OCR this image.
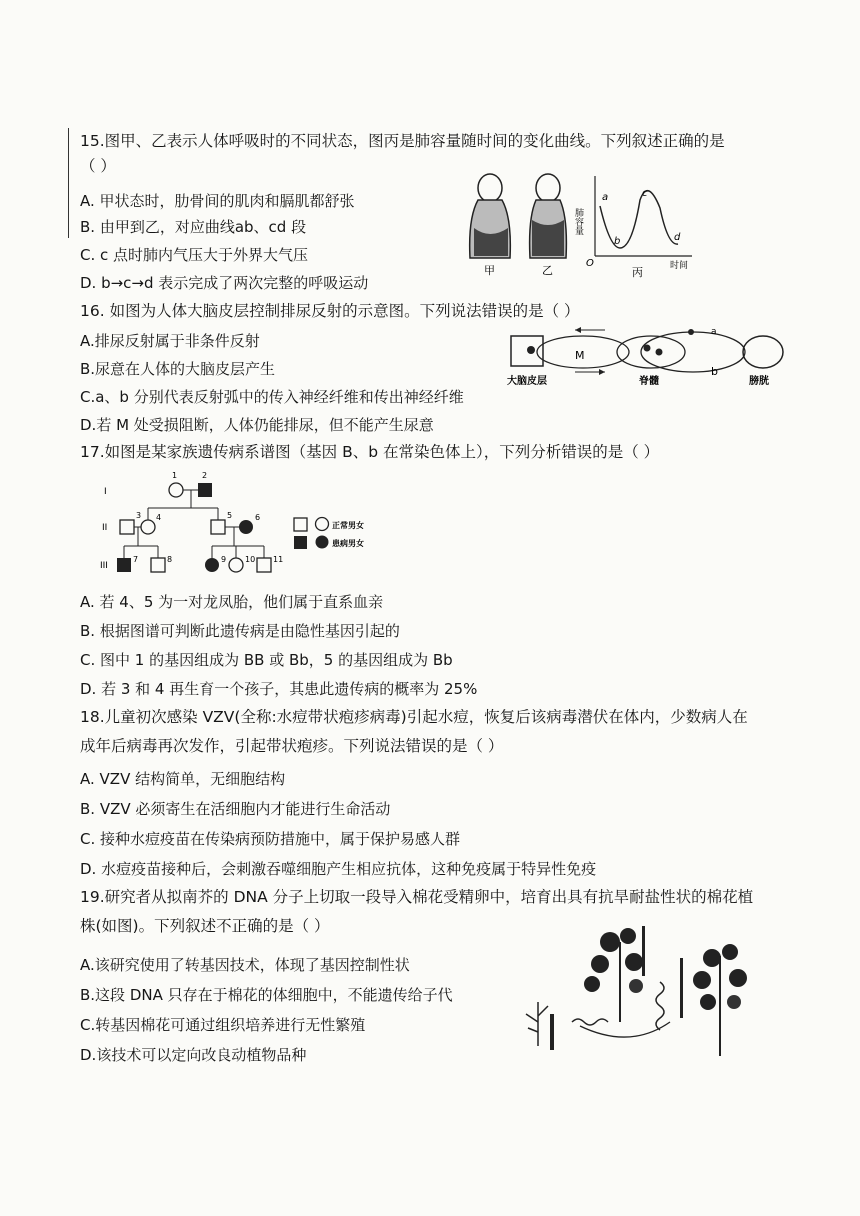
15.图甲、乙表示人体呼吸时的不同状态，图丙是肺容量随时间的变化曲线。下列叙述正确的是
（ ）
A. 甲状态时，肋骨间的肌肉和膈肌都舒张
B. 由甲到乙，对应曲线ab、cd 段
C. c 点时肺内气压大于外界大气压
D. b→c→d 表示完成了两次完整的呼吸运动
甲	乙
肺容量
时间
O
a
b
c
d
丙
16. 如图为人体大脑皮层控制排尿反射的示意图。下列说法错误的是（ ）
A.排尿反射属于非条件反射
B.尿意在人体的大脑皮层产生
C.a、b 分别代表反射弧中的传入神经纤维和传出神经纤维
D.若 M 处受损阻断，人体仍能排尿，但不能产生尿意
M
a
b
大脑皮层	脊髓	膀胱
17.如图是某家族遗传病系谱图（基因 B、b 在常染色体上），下列分析错误的是（ ）
I
II
III
1	2
3 4	5	6
7	8	9 10 11
正常男女
患病男女
A. 若 4、5 为一对龙凤胎，他们属于直系血亲
B. 根据图谱可判断此遗传病是由隐性基因引起的
C. 图中 1 的基因组成为 BB 或 Bb，5 的基因组成为 Bb
D. 若 3 和 4 再生育一个孩子，其患此遗传病的概率为 25%
18.儿童初次感染 VZV(全称:水痘带状疱疹病毒)引起水痘，恢复后该病毒潜伏在体内，少数病人在
成年后病毒再次发作，引起带状疱疹。下列说法错误的是（ ）
A. VZV 结构简单，无细胞结构
B. VZV 必须寄生在活细胞内才能进行生命活动
C. 接种水痘疫苗在传染病预防措施中，属于保护易感人群
D. 水痘疫苗接种后，会刺激吞噬细胞产生相应抗体，这种免疫属于特异性免疫
19.研究者从拟南芥的 DNA 分子上切取一段导入棉花受精卵中，培育出具有抗旱耐盐性状的棉花植
株(如图)。下列叙述不正确的是（ ）
A.该研究使用了转基因技术，体现了基因控制性状
B.这段 DNA 只存在于棉花的体细胞中，不能遗传给子代
C.转基因棉花可通过组织培养进行无性繁殖
D.该技术可以定向改良动植物品种
